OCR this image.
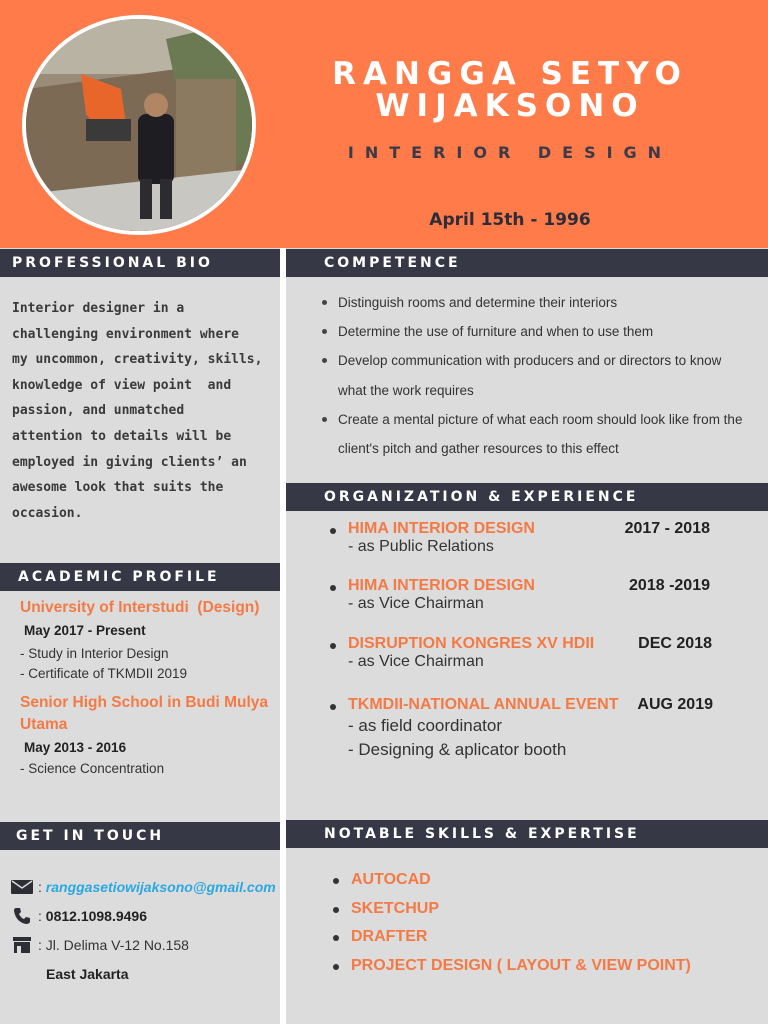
RANGGA SETYO
WIJAKSONO
INTERIOR DESIGN
April 15th - 1996
PROFESSIONAL BIO
Interior designer in a
challenging environment where
my uncommon, creativity, skills,
knowledge of view point  and
passion, and unmatched
attention to details will be
employed in giving clients’ an
awesome look that suits the
occasion.
ACADEMIC PROFILE
University of Interstudi  (Design)
May 2017 - Present
- Study in Interior Design
- Certificate of TKMDII 2019
Senior High School in Budi Mulya Utama
May 2013 - 2016
- Science Concentration
GET IN TOUCH
:
ranggasetiowijaksono@gmail.com
:
0812.1098.9496
:
Jl. Delima V-12 No.158
East Jakarta
COMPETENCE
Distinguish rooms and determine their interiors
Determine the use of furniture and when to use them
Develop communication with producers and or directors to know what the work requires
Create a mental picture of what each room should look like from the client's pitch and gather resources to this effect
ORGANIZATION & EXPERIENCE
HIMA INTERIOR DESIGN	2017 - 2018
- as Public Relations
HIMA INTERIOR DESIGN	2018 -2019
- as Vice Chairman
DISRUPTION KONGRES XV HDII	DEC 2018
- as Vice Chairman
TKMDII-NATIONAL ANNUAL EVENT	AUG 2019
- as field coordinator
- Designing & aplicator booth
NOTABLE SKILLS & EXPERTISE
AUTOCAD
SKETCHUP
DRAFTER
PROJECT DESIGN ( LAYOUT & VIEW POINT)
